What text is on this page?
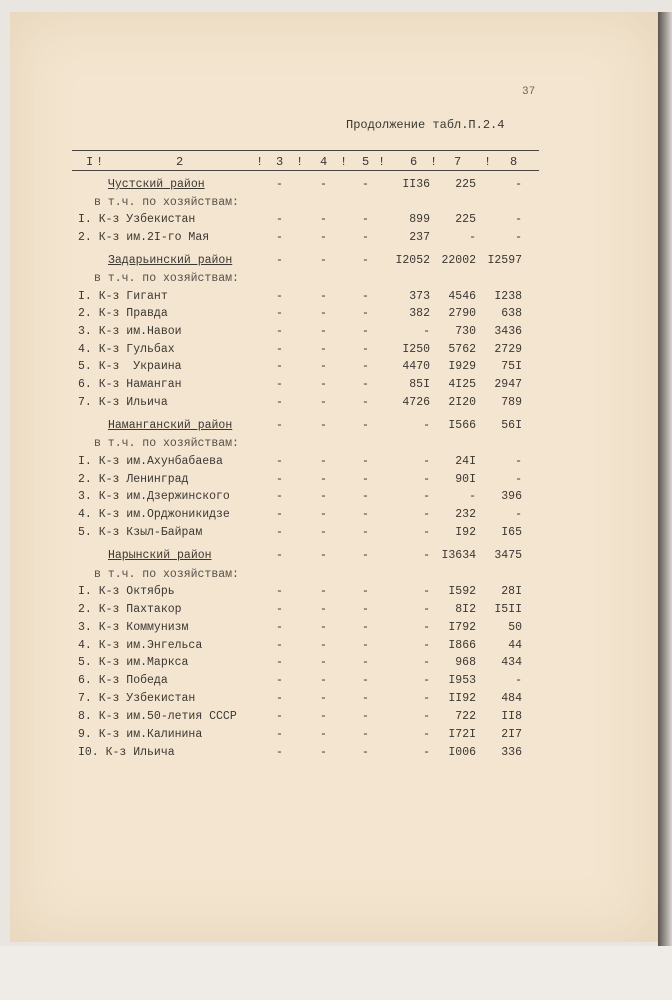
37
Продолжение табл.П.2.4
I !	2	! 3 ! 4 ! 5 ! 6 ! 7 ! 8
Чустский район	-	-	-	II36	225	-
в т.ч. по хозяйствам:
I. К-з Узбекистан	-	-	-	899	225	-
2. К-з им.2I-го Мая	-	-	-	237	-	-
Задарьинский район	-	-	-	I2052 22002 I2597
в т.ч. по хозяйствам:
I. К-з Гигант	-	-	-	373	4546	I238
2. К-з Правда	-	-	-	382	2790	638
3. К-з им.Навои	-	-	-	-	730	3436
4. К-з Гульбах	-	-	-	I250	5762	2729
5. К-з  Украина	-	-	-	4470	I929	75I
6. К-з Наманган	-	-	-	85I	4I25	2947
7. К-з Ильича	-	-	-	4726	2I20	789
Наманганский район	-	-	-	-	I566	56I
в т.ч. по хозяйствам:
I. К-з им.Ахунбабаева	-	-	-	-	24I	-
2. К-з Ленинград	-	-	-	-	90I	-
3. К-з им.Дзержинского	-	-	-	-	-	396
4. К-з им.Орджоникидзе	-	-	-	-	232	-
5. К-з Кзыл-Байрам	-	-	-	-	I92	I65
Нарынский район	-	-	-	- I3634	3475
в т.ч. по хозяйствам:
I. К-з Октябрь	-	-	-	-	I592	28I
2. К-з Пахтакор	-	-	-	-	8I2	I5II
3. К-з Коммунизм	-	-	-	-	I792	50
4. К-з им.Энгельса	-	-	-	-	I866	44
5. К-з им.Маркса	-	-	-	-	968	434
6. К-з Победа	-	-	-	-	I953	-
7. К-з Узбекистан	-	-	-	-	II92	484
8. К-з им.50-летия СССР	-	-	-	-	722	II8
9. К-з им.Калинина	-	-	-	-	I72I	2I7
I0. К-з Ильича	-	-	-	-	I006	336
